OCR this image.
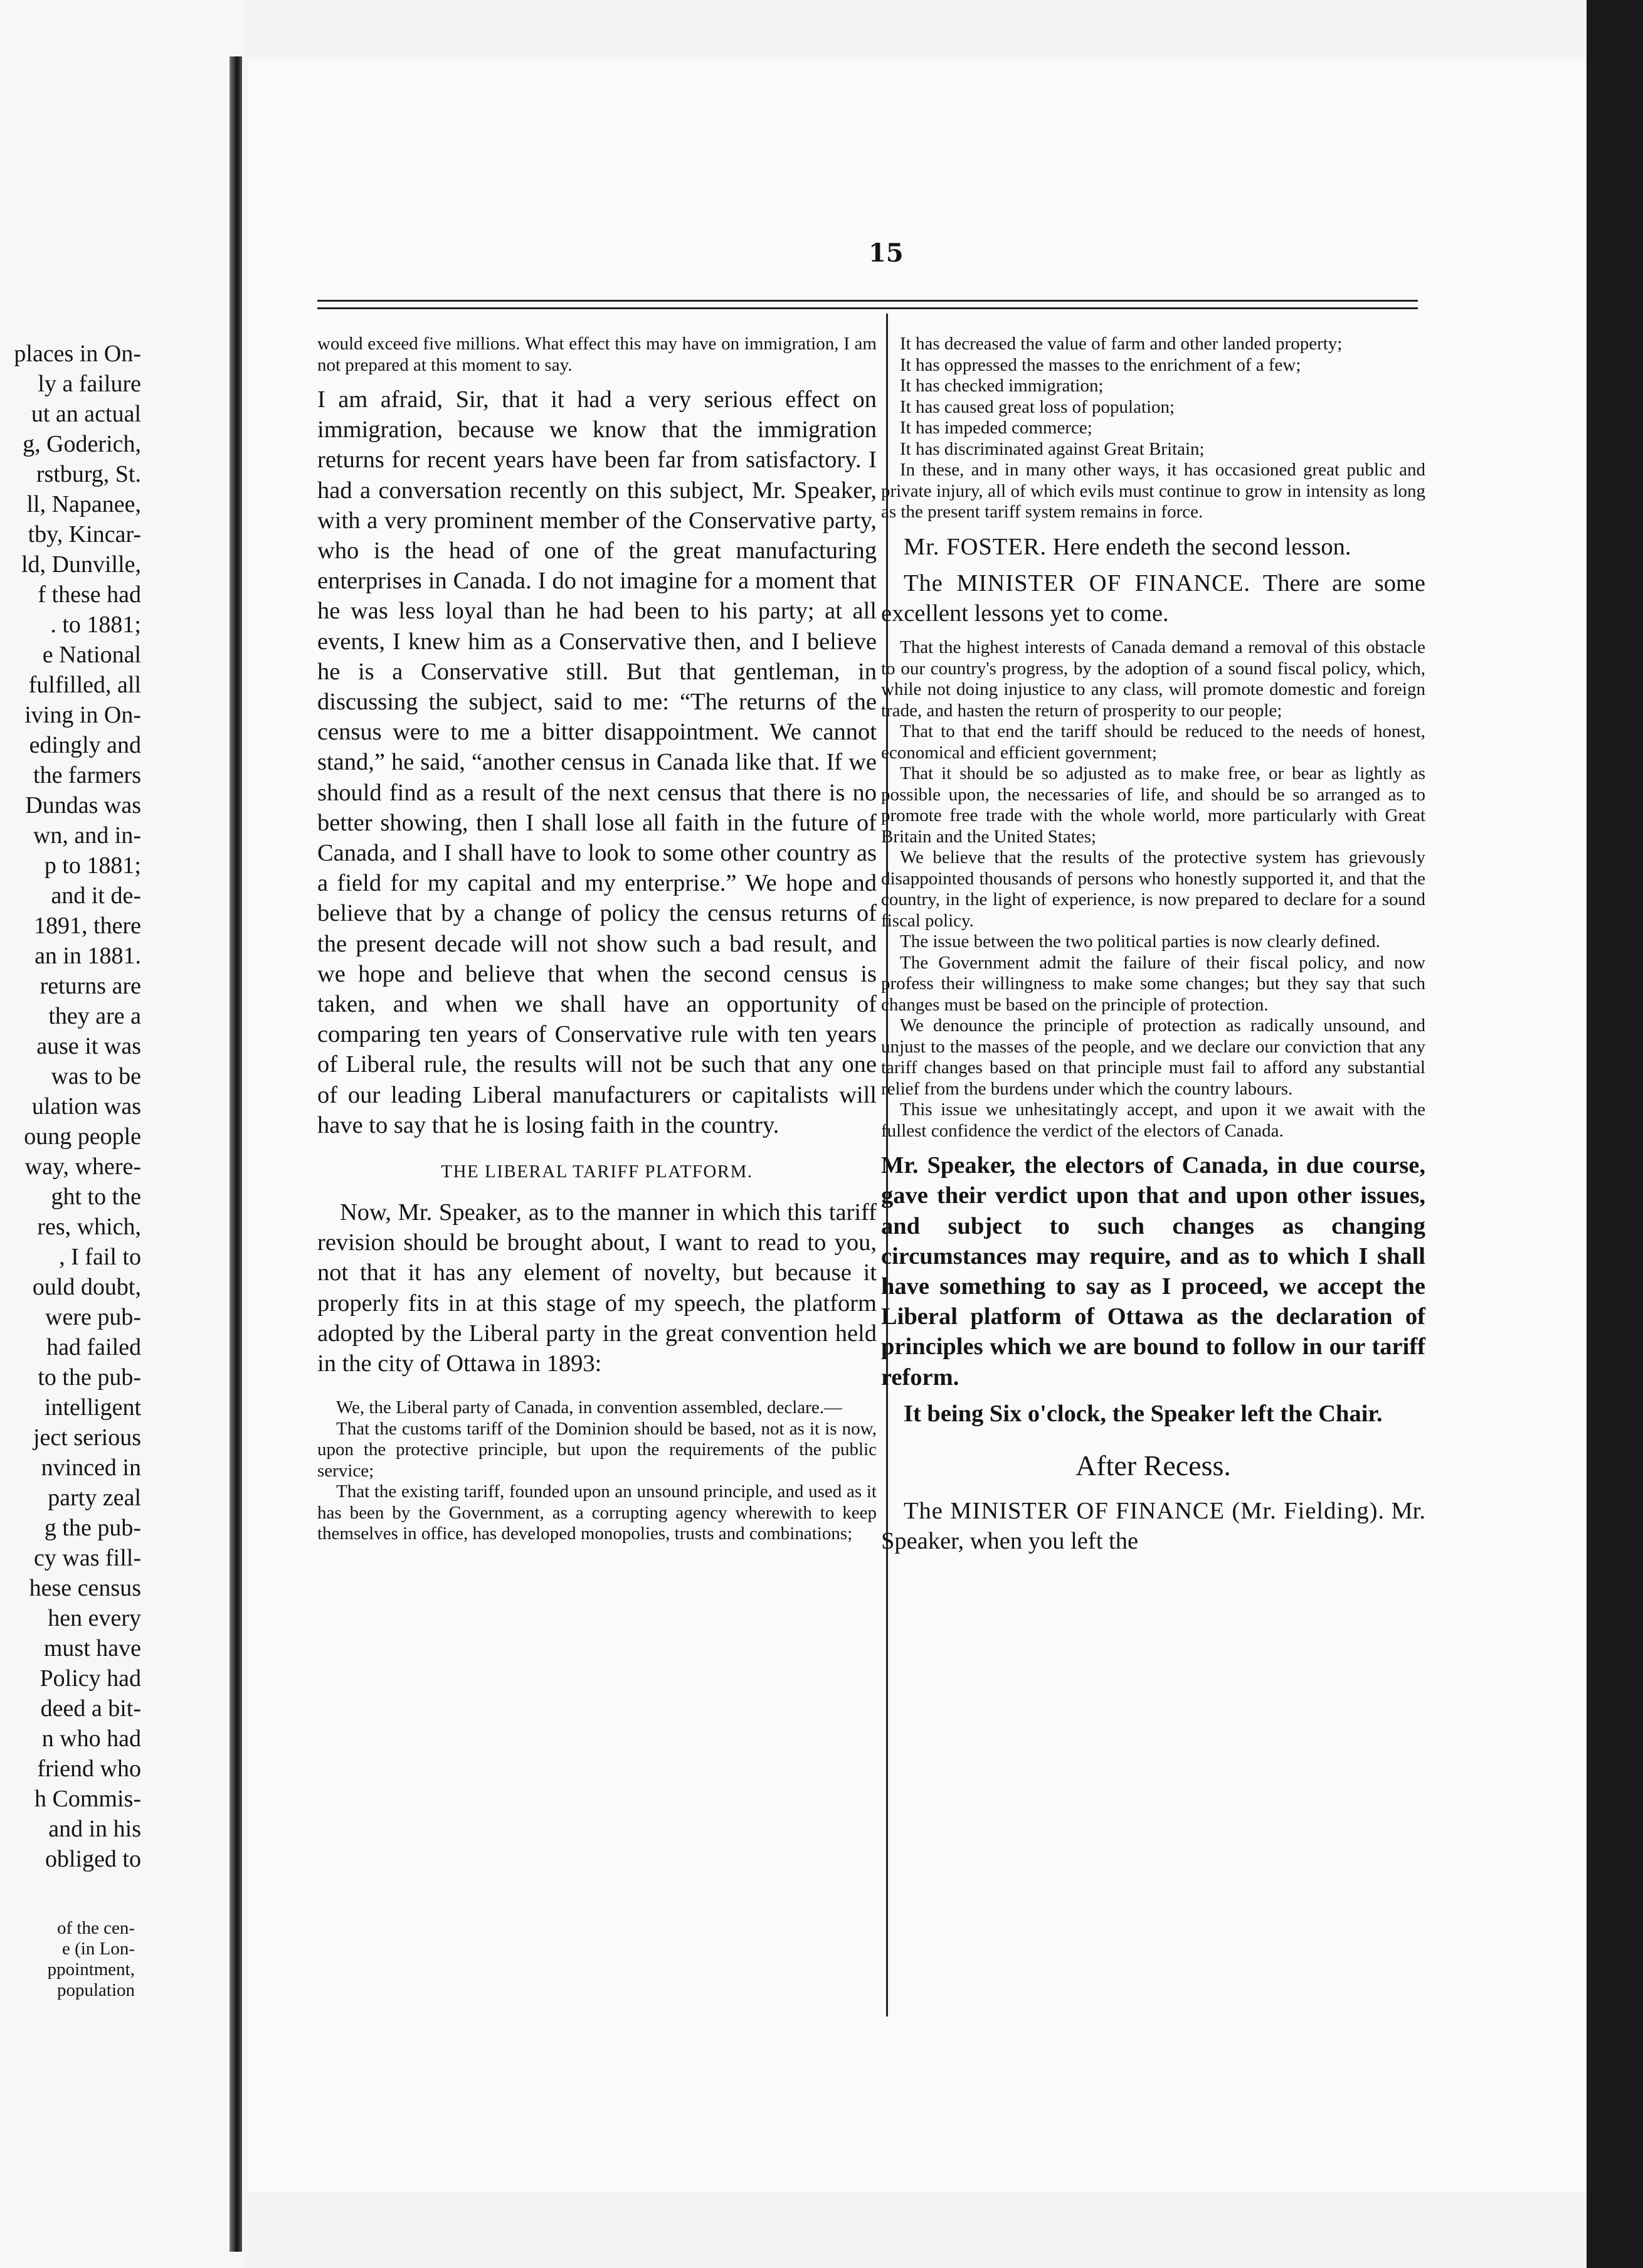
places in On-
ly a failure
ut an actual
g, Goderich,
rstburg, St.
ll, Napanee,
tby, Kincar-
ld, Dunville,
f these had
. to 1881;
e National
fulfilled, all
iving in On-
edingly and
the farmers
Dundas was
wn, and in-
p to 1881;
and it de-
1891, there
an in 1881.
returns are
they are a
ause it was
was to be
ulation was
oung people
way, where-
ght to the
res, which,
, I fail to
ould doubt,
were pub-
had failed
to the pub-
intelligent
ject serious
nvinced in
party zeal
g the pub-
cy was fill-
hese census
hen every
must have
Policy had
deed a bit-
n who had
friend who
h Commis-
and in his
obliged to
of the cen-
e (in Lon-
ppointment,
population
15

would exceed five millions. What effect this may have on immigration, I am not prepared at this moment to say.

I am afraid, Sir, that it had a very serious effect on immigration, because we know that the immigration returns for recent years have been far from satisfactory. I had a conversation recently on this subject, Mr. Speaker, with a very prominent member of the Conservative party, who is the head of one of the great manufacturing enterprises in Canada. I do not imagine for a moment that he was less loyal than he had been to his party; at all events, I knew him as a Conservative then, and I believe he is a Conservative still. But that gentleman, in discussing the subject, said to me: “The returns of the census were to me a bitter disappointment. We cannot stand,” he said, “another census in Canada like that. If we should find as a result of the next census that there is no better showing, then I shall lose all faith in the future of Canada, and I shall have to look to some other country as a field for my capital and my enterprise.” We hope and believe that by a change of policy the census returns of the present decade will not show such a bad result, and we hope and believe that when the second census is taken, and when we shall have an opportunity of comparing ten years of Conservative rule with ten years of Liberal rule, the results will not be such that any one of our leading Liberal manufacturers or capitalists will have to say that he is losing faith in the country.

THE LIBERAL TARIFF PLATFORM.

Now, Mr. Speaker, as to the manner in which this tariff revision should be brought about, I want to read to you, not that it has any element of novelty, but because it properly fits in at this stage of my speech, the platform adopted by the Liberal party in the great convention held in the city of Ottawa in 1893:

We, the Liberal party of Canada, in convention assembled, declare.—

That the customs tariff of the Dominion should be based, not as it is now, upon the protective principle, but upon the requirements of the public service;

That the existing tariff, founded upon an unsound principle, and used as it has been by the Government, as a corrupting agency wherewith to keep themselves in office, has developed monopolies, trusts and combinations;

It has decreased the value of farm and other landed property;

It has oppressed the masses to the enrichment of a few;

It has checked immigration;

It has caused great loss of population;

It has impeded commerce;

It has discriminated against Great Britain;

In these, and in many other ways, it has occasioned great public and private injury, all of which evils must continue to grow in intensity as long as the present tariff system remains in force.

Mr. FOSTER. Here endeth the second lesson.

The MINISTER OF FINANCE. There are some excellent lessons yet to come.

That the highest interests of Canada demand a removal of this obstacle to our country's progress, by the adoption of a sound fiscal policy, which, while not doing injustice to any class, will promote domestic and foreign trade, and hasten the return of prosperity to our people;

That to that end the tariff should be reduced to the needs of honest, economical and efficient government;

That it should be so adjusted as to make free, or bear as lightly as possible upon, the necessaries of life, and should be so arranged as to promote free trade with the whole world, more particularly with Great Britain and the United States;

We believe that the results of the protective system has grievously disappointed thousands of persons who honestly supported it, and that the country, in the light of experience, is now prepared to declare for a sound fiscal policy.

The issue between the two political parties is now clearly defined.

The Government admit the failure of their fiscal policy, and now profess their willingness to make some changes; but they say that such changes must be based on the principle of protection.

We denounce the principle of protection as radically unsound, and unjust to the masses of the people, and we declare our conviction that any tariff changes based on that principle must fail to afford any substantial relief from the burdens under which the country labours.

This issue we unhesitatingly accept, and upon it we await with the fullest confidence the verdict of the electors of Canada.

Mr. Speaker, the electors of Canada, in due course, gave their verdict upon that and upon other issues, and subject to such changes as changing circumstances may require, and as to which I shall have something to say as I proceed, we accept the Liberal platform of Ottawa as the declaration of principles which we are bound to follow in our tariff reform.

It being Six o'clock, the Speaker left the Chair.

After Recess.

The MINISTER OF FINANCE (Mr. Fielding). Mr. Speaker, when you left the
